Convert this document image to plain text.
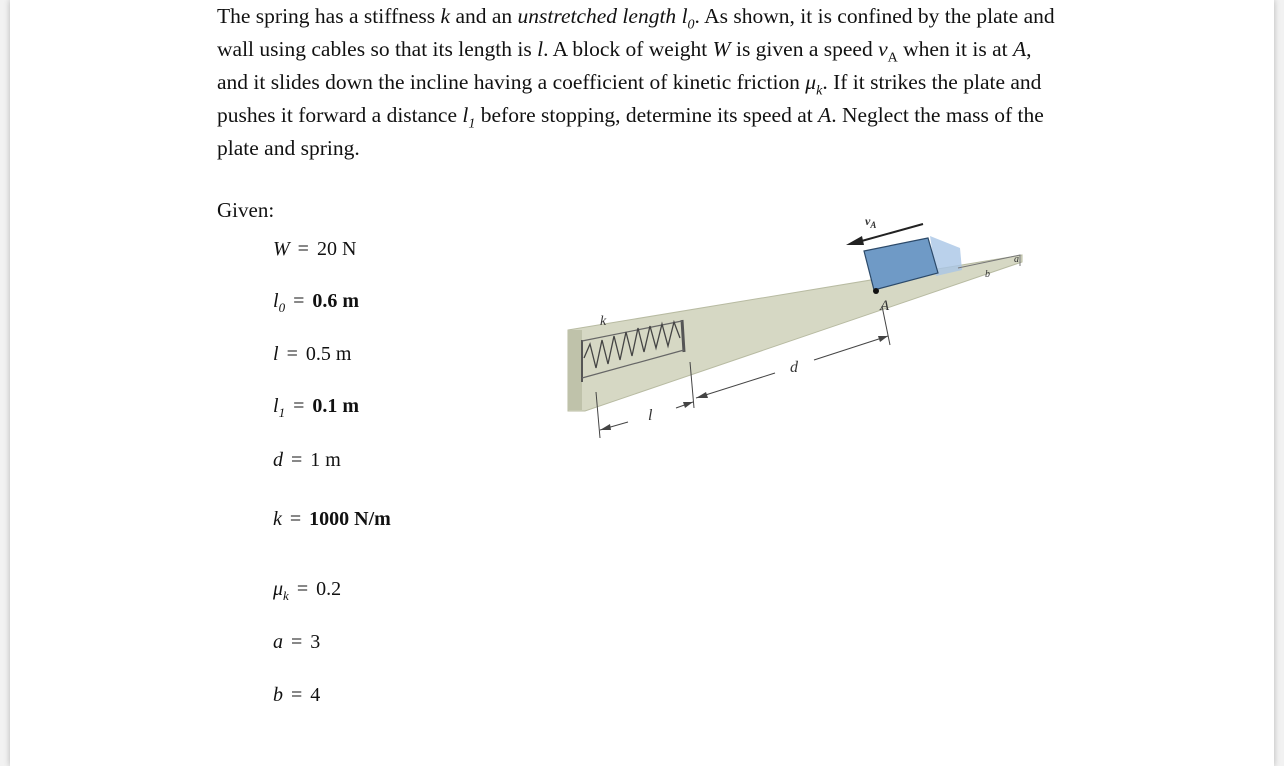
The spring has a stiffness k and an unstretched length $l_0$. As shown, it is confined by the plate and wall using cables so that its length is l. A block of weight W is given a speed $v_A$ when it is at A, and it slides down the incline having a coefficient of kinetic friction $\mu_k$. If it strikes the plate and pushes it forward a distance $l_1$ before stopping, determine its speed at A. Neglect the mass of the plate and spring.

Given:
W = 20 N
$l_0 = 0.6$ m
l = 0.5 m
$l_1 = 0.1$ m
d = 1 m
k = 1000 N/m
$\mu_k = 0.2$
a = 3
b = 4
l
d
A
$v_A$
k
a
b
